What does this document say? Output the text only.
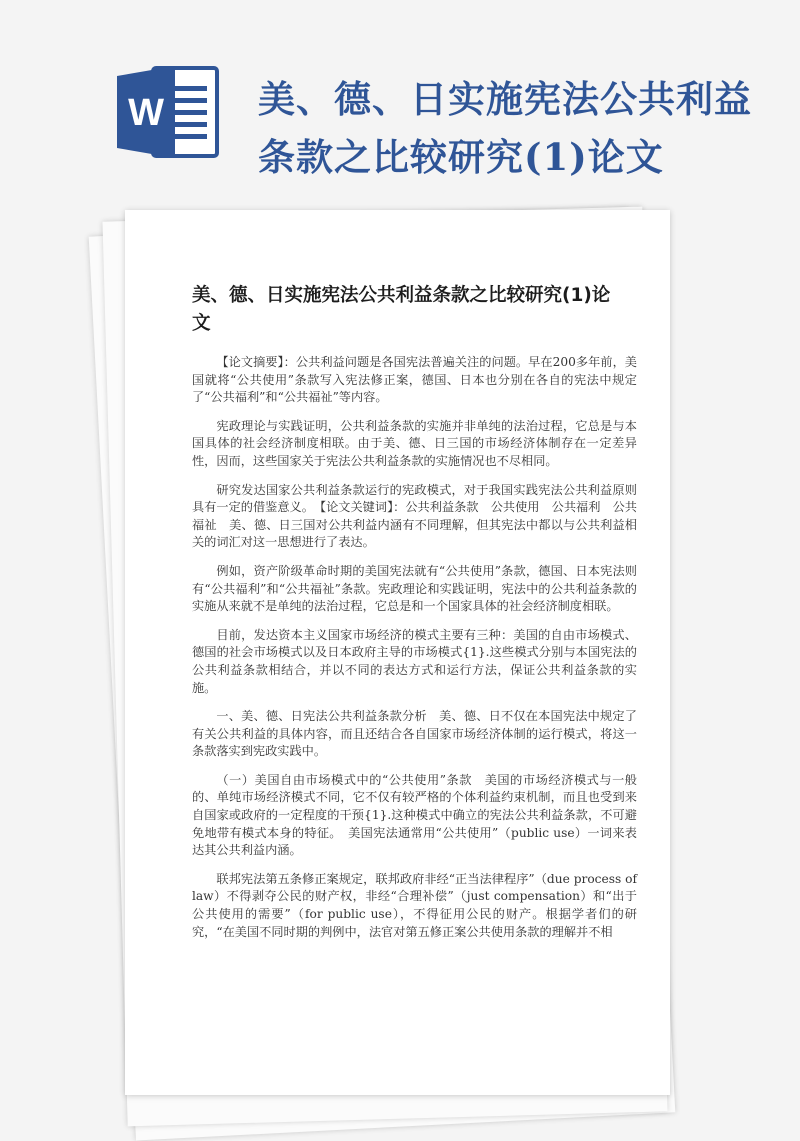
W	美、德、日实施宪法公共利益
条款之比较研究(1)论文
美、德、日实施宪法公共利益条款之比较研究(1)论
文

【论文摘要】：公共利益问题是各国宪法普遍关注的问题。早在200多年前，美国就将“公共使用”条款写入宪法修正案，德国、日本也分别在各自的宪法中规定了“公共福利”和“公共福祉”等内容。

宪政理论与实践证明，公共利益条款的实施并非单纯的法治过程，它总是与本国具体的社会经济制度相联。由于美、德、日三国的市场经济体制存在一定差异性，因而，这些国家关于宪法公共利益条款的实施情况也不尽相同。

研究发达国家公共利益条款运行的宪政模式，对于我国实践宪法公共利益原则具有一定的借鉴意义。　【论文关键词】：公共利益条款　公共使用　公共福利　公共福祉　美、德、日三国对公共利益内涵有不同理解，但其宪法中都以与公共利益相关的词汇对这一思想进行了表达。

例如，资产阶级革命时期的美国宪法就有“公共使用”条款，德国、日本宪法则有“公共福利”和“公共福祉”条款。宪政理论和实践证明，宪法中的公共利益条款的实施从来就不是单纯的法治过程，它总是和一个国家具体的社会经济制度相联。

目前，发达资本主义国家市场经济的模式主要有三种：美国的自由市场模式、德国的社会市场模式以及日本政府主导的市场模式{1}.这些模式分别与本国宪法的公共利益条款相结合，并以不同的表达方式和运行方法，保证公共利益条款的实施。

一、美、德、日宪法公共利益条款分析　美、德、日不仅在本国宪法中规定了有关公共利益的具体内容，而且还结合各自国家市场经济体制的运行模式，将这一条款落实到宪政实践中。

（一）美国自由市场模式中的“公共使用”条款　美国的市场经济模式与一般的、单纯市场经济模式不同，它不仅有较严格的个体利益约束机制，而且也受到来自国家或政府的一定程度的干预{1}.这种模式中确立的宪法公共利益条款，不可避免地带有模式本身的特征。　美国宪法通常用“公共使用”（public use）一词来表达其公共利益内涵。

联邦宪法第五条修正案规定，联邦政府非经“正当法律程序”（due process of law）不得剥夺公民的财产权，非经“合理补偿”（just compensation）和“出于公共使用的需要”（for public use），不得征用公民的财产。根据学者们的研究，“在美国不同时期的判例中，法官对第五修正案公共使用条款的理解并不相
